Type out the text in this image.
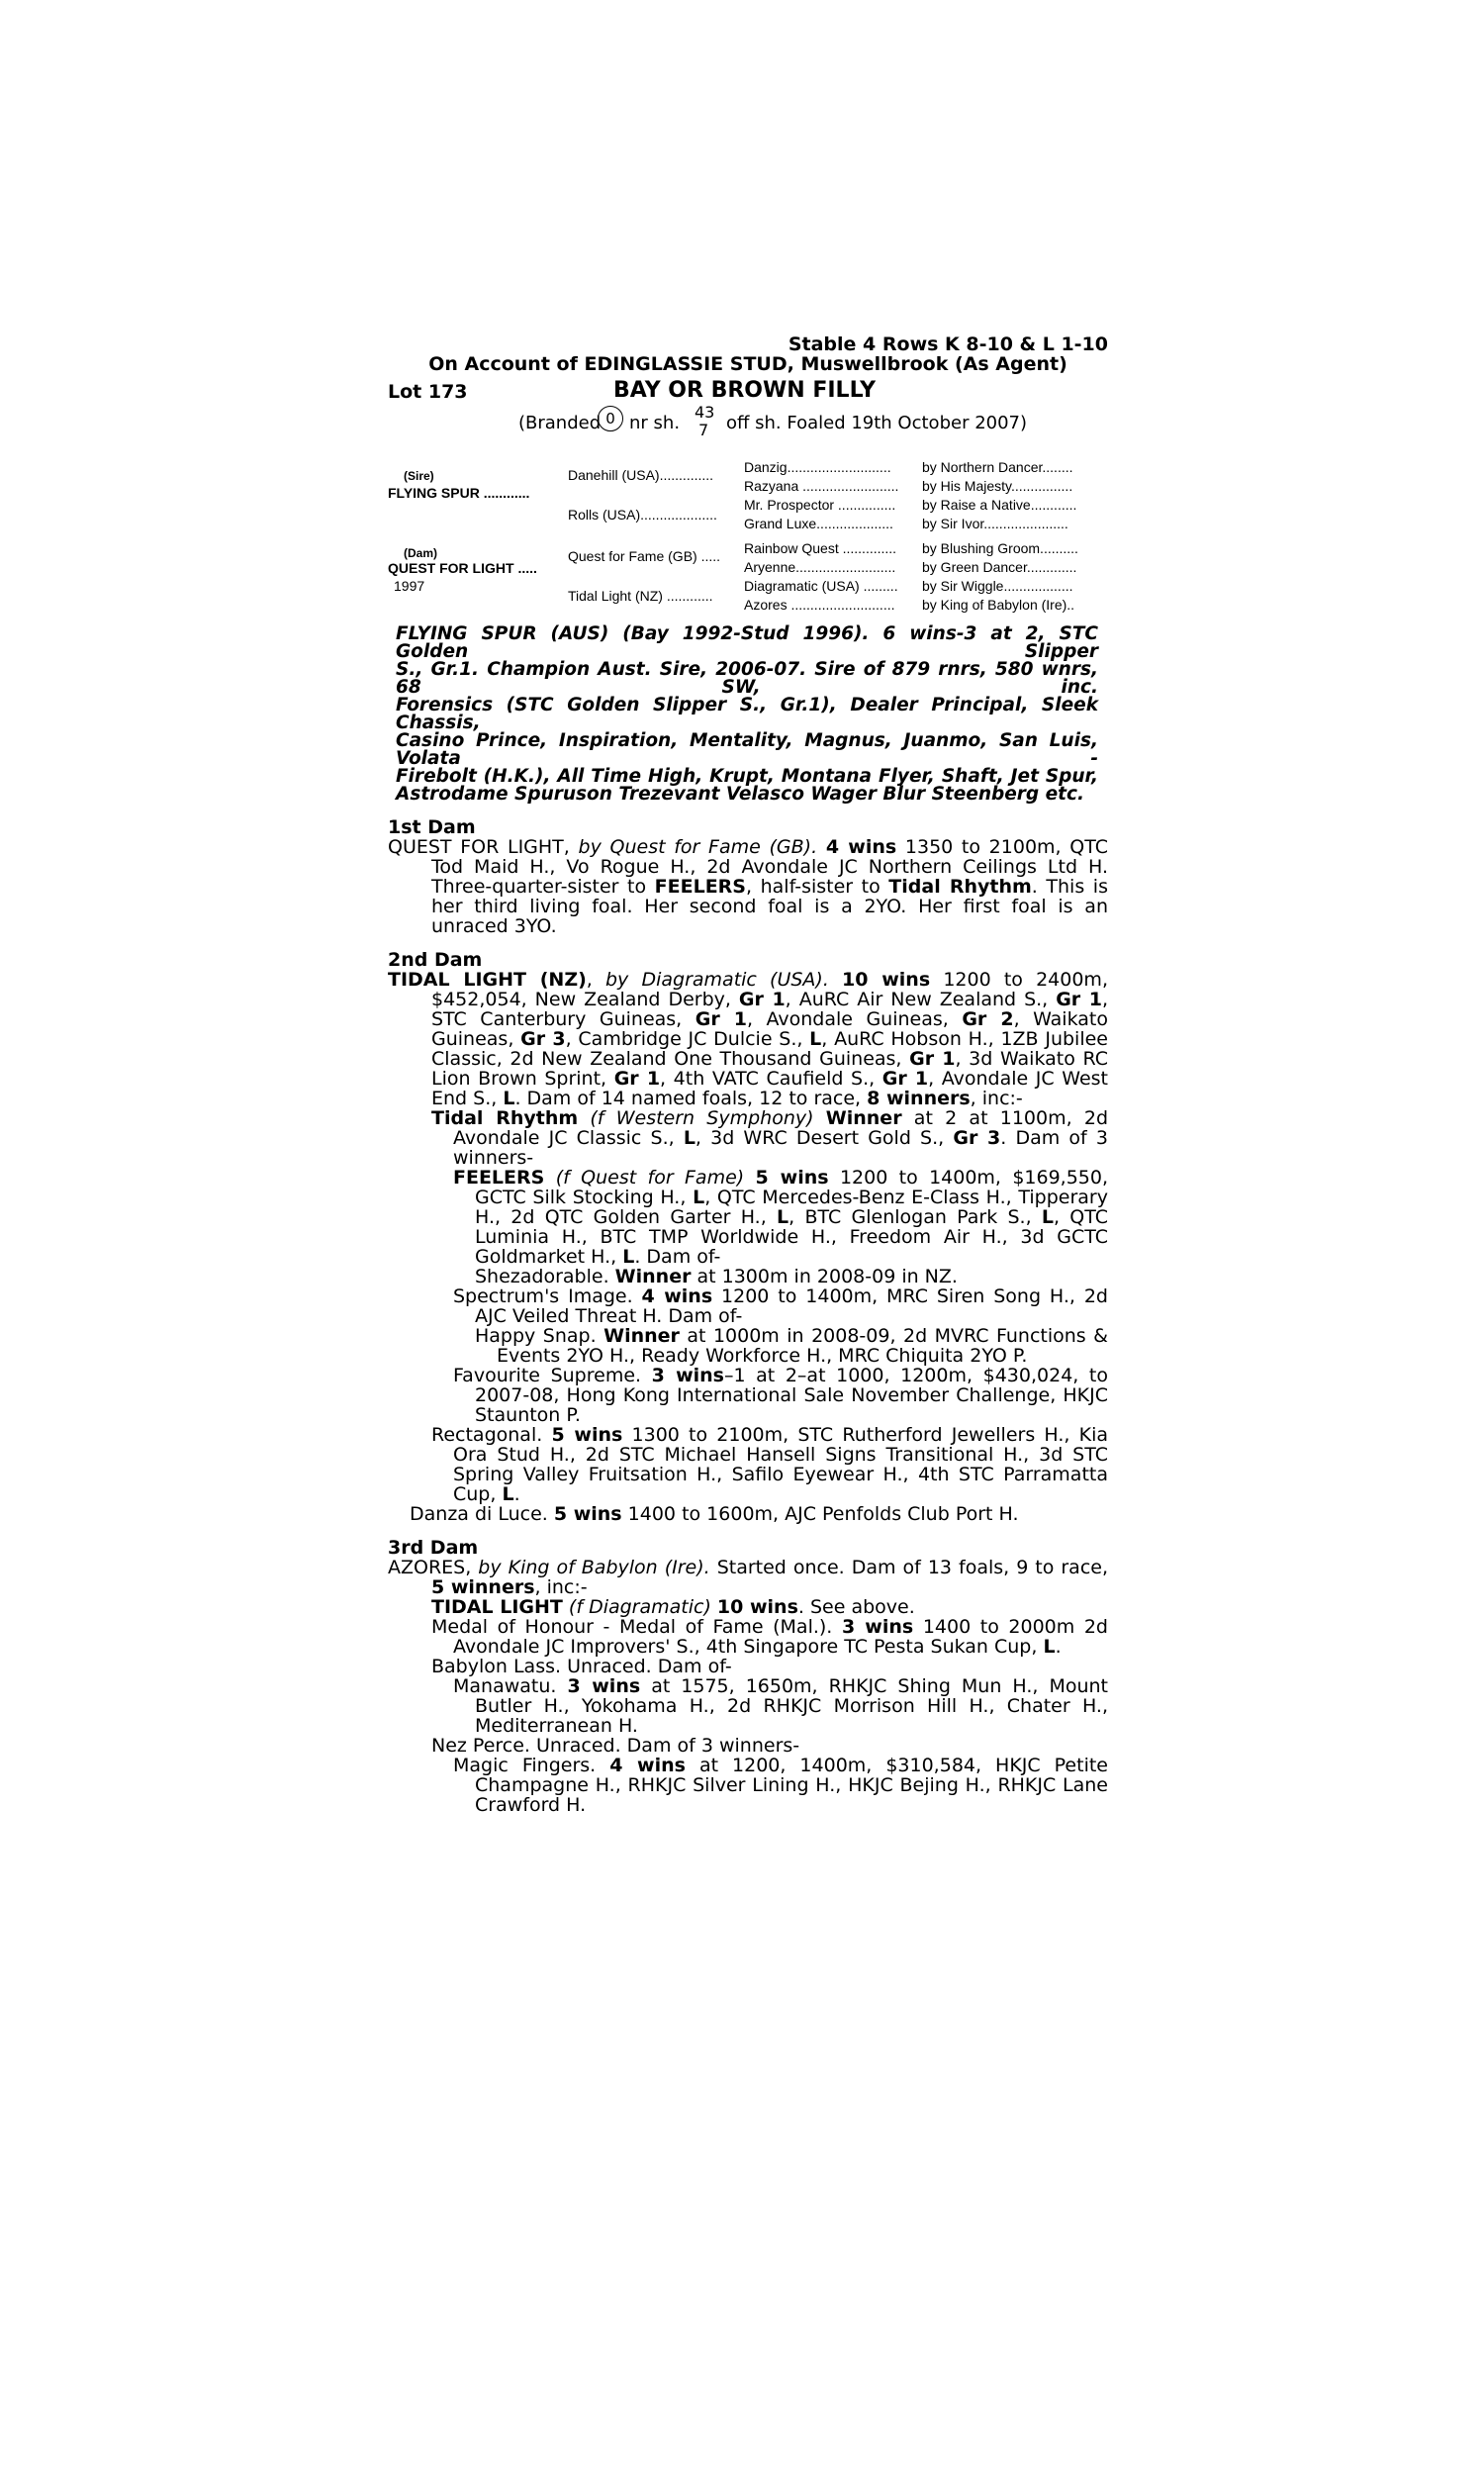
Stable 4 Rows K 8-10 & L 1-10
On Account of EDINGLASSIE STUD, Muswellbrook (As Agent)
Lot 173	BAY OR BROWN FILLY
(Branded 0 nr sh.
43
7 off sh. Foaled 19th October 2007)
(Sire)
FLYING SPUR ............
(Dam)
QUEST FOR LIGHT .....
1997
Danehill (USA)..............
Rolls (USA)....................
Quest for Fame (GB) .....
Tidal Light (NZ) ............
Danzig...........................
Razyana .........................
Mr. Prospector ...............
Grand Luxe....................
Rainbow Quest ..............
Aryenne..........................
Diagramatic (USA) .........
Azores ...........................
by Northern Dancer........
by His Majesty................
by Raise a Native............
by Sir Ivor......................
by Blushing Groom..........
by Green Dancer.............
by Sir Wiggle..................
by King of Babylon (Ire)..

FLYING SPUR (AUS) (Bay 1992-Stud 1996). 6 wins-3 at 2, STC Golden Slipper

S., Gr.1. Champion Aust. Sire, 2006-07. Sire of 879 rnrs, 580 wnrs, 68 SW, inc.

Forensics (STC Golden Slipper S., Gr.1), Dealer Principal, Sleek Chassis,

Casino Prince, Inspiration, Mentality, Magnus, Juanmo, San Luis, Volata -

Firebolt (H.K.), All Time High, Krupt, Montana Flyer, Shaft, Jet Spur,

Astrodame Spuruson Trezevant Velasco Wager Blur Steenberg etc.

1st Dam

QUEST FOR LIGHT, by Quest for Fame (GB). 4 wins 1350 to 2100m, QTC Tod Maid H., Vo Rogue H., 2d Avondale JC Northern Ceilings Ltd H. Three-quarter-sister to FEELERS, half-sister to Tidal Rhythm. This is her third living foal. Her second foal is a 2YO. Her first foal is an unraced 3YO.

2nd Dam

TIDAL LIGHT (NZ), by Diagramatic (USA). 10 wins 1200 to 2400m, $452,054, New Zealand Derby, Gr 1, AuRC Air New Zealand S., Gr 1, STC Canterbury Guineas, Gr 1, Avondale Guineas, Gr 2, Waikato Guineas, Gr 3, Cambridge JC Dulcie S., L, AuRC Hobson H., 1ZB Jubilee Classic, 2d New Zealand One Thousand Guineas, Gr 1, 3d Waikato RC Lion Brown Sprint, Gr 1, 4th VATC Caufield S., Gr 1, Avondale JC West End S., L. Dam of 14 named foals, 12 to race, 8 winners, inc:-

Tidal Rhythm (f Western Symphony) Winner at 2 at 1100m, 2d Avondale JC Classic S., L, 3d WRC Desert Gold S., Gr 3. Dam of 3 winners-

FEELERS (f Quest for Fame) 5 wins 1200 to 1400m, $169,550, GCTC Silk Stocking H., L, QTC Mercedes-Benz E-Class H., Tipperary H., 2d QTC Golden Garter H., L, BTC Glenlogan Park S., L, QTC Luminia H., BTC TMP Worldwide H., Freedom Air H., 3d GCTC Goldmarket H., L. Dam of-

Shezadorable. Winner at 1300m in 2008-09 in NZ.

Spectrum's Image. 4 wins 1200 to 1400m, MRC Siren Song H., 2d AJC Veiled Threat H. Dam of-

Happy Snap. Winner at 1000m in 2008-09, 2d MVRC Functions & Events 2YO H., Ready Workforce H., MRC Chiquita 2YO P.

Favourite Supreme. 3 wins–1 at 2–at 1000, 1200m, $430,024, to 2007-08, Hong Kong International Sale November Challenge, HKJC Staunton P.

Rectagonal. 5 wins 1300 to 2100m, STC Rutherford Jewellers H., Kia Ora Stud H., 2d STC Michael Hansell Signs Transitional H., 3d STC Spring Valley Fruitsation H., Safilo Eyewear H., 4th STC Parramatta Cup, L.

Danza di Luce. 5 wins 1400 to 1600m, AJC Penfolds Club Port H.

3rd Dam

AZORES, by King of Babylon (Ire). Started once. Dam of 13 foals, 9 to race, 5 winners, inc:-

TIDAL LIGHT (f Diagramatic) 10 wins. See above.

Medal of Honour - Medal of Fame (Mal.). 3 wins 1400 to 2000m 2d Avondale JC Improvers' S., 4th Singapore TC Pesta Sukan Cup, L.

Babylon Lass. Unraced. Dam of-

Manawatu. 3 wins at 1575, 1650m, RHKJC Shing Mun H., Mount Butler H., Yokohama H., 2d RHKJC Morrison Hill H., Chater H., Mediterranean H.

Nez Perce. Unraced. Dam of 3 winners-

Magic Fingers. 4 wins at 1200, 1400m, $310,584, HKJC Petite Champagne H., RHKJC Silver Lining H., HKJC Bejing H., RHKJC Lane Crawford H.
